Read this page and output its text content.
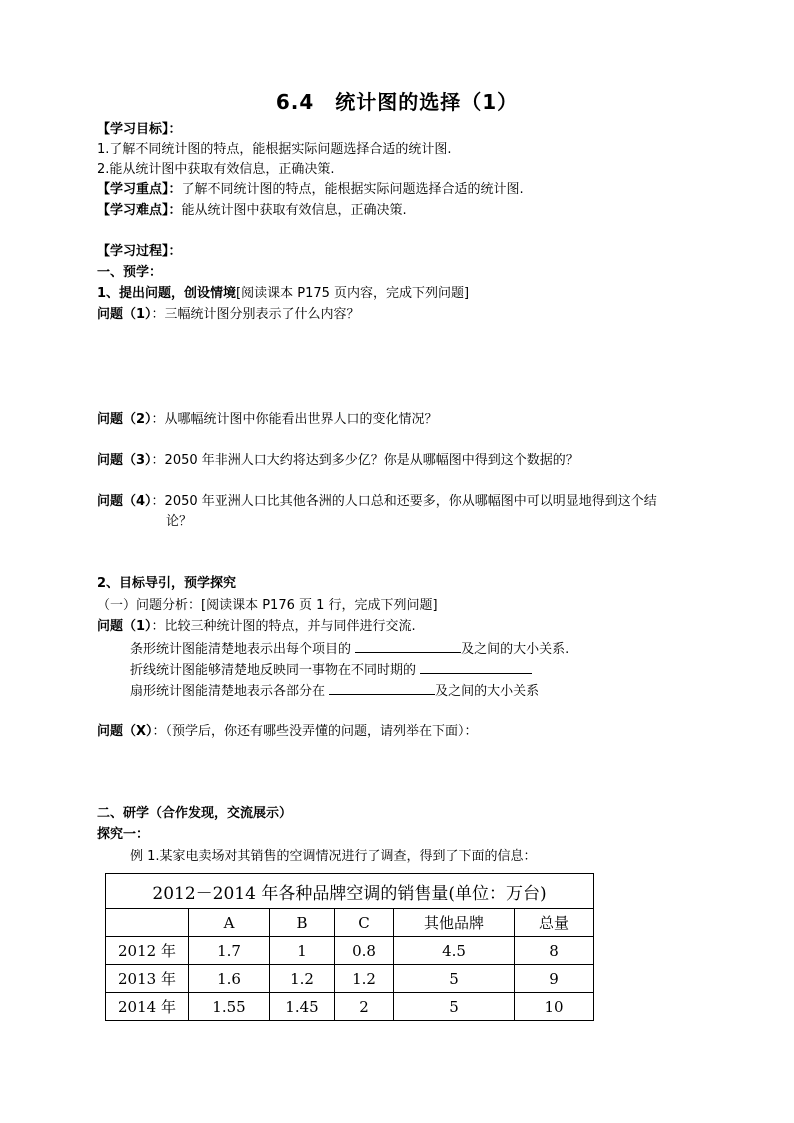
6.4　统计图的选择（1）
【学习目标】：
1.了解不同统计图的特点，能根据实际问题选择合适的统计图.
2.能从统计图中获取有效信息，正确决策.
【学习重点】：了解不同统计图的特点，能根据实际问题选择合适的统计图.
【学习难点】：能从统计图中获取有效信息，正确决策.
【学习过程】：
一、预学：
1、提出问题，创设情境[阅读课本 P175 页内容，完成下列问题]
问题（1）：三幅统计图分别表示了什么内容？
问题（2）：从哪幅统计图中你能看出世界人口的变化情况？
问题（3）：2050 年非洲人口大约将达到多少亿？你是从哪幅图中得到这个数据的？
问题（4）：2050 年亚洲人口比其他各洲的人口总和还要多，你从哪幅图中可以明显地得到这个结
论？
2、目标导引，预学探究
（一）问题分析：[阅读课本 P176 页 1 行，完成下列问题]
问题（1）：比较三种统计图的特点，并与同伴进行交流.
条形统计图能清楚地表示出每个项目的	及之间的大小关系.
折线统计图能够清楚地反映同一事物在不同时期的
扇形统计图能清楚地表示各部分在	及之间的大小关系
问题（X）：（预学后，你还有哪些没弄懂的问题，请列举在下面）：
二、研学（合作发现，交流展示）
探究一：
例 1.某家电卖场对其销售的空调情况进行了调查，得到了下面的信息：
2012－2014 年各种品牌空调的销售量(单位：万台)					
	A	B	C	其他品牌	总量
2012 年	1.7	1	0.8	4.5	8
2013 年	1.6	1.2	1.2	5	9
2014 年	1.55	1.45	2	5	10
